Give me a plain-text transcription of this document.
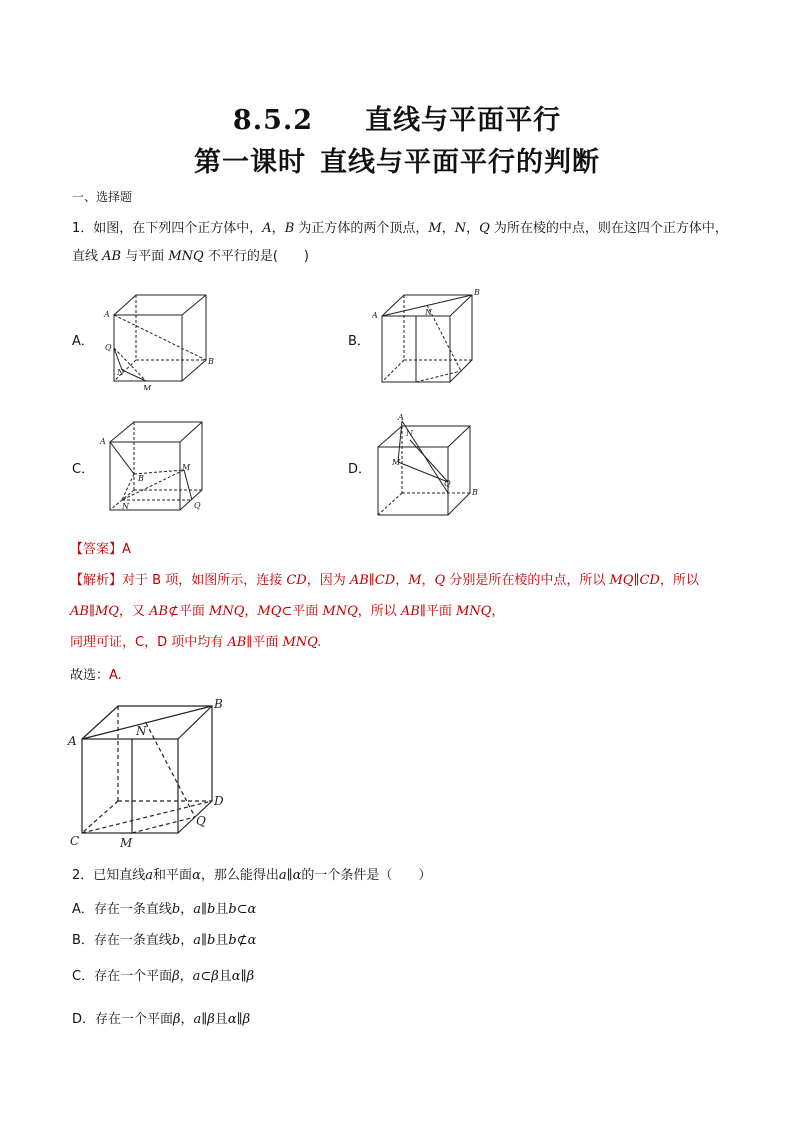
8.5.2 直线与平面平行
第一课时 直线与平面平行的判断
一、选择题
1．如图，在下列四个正方体中，A，B 为正方体的两个顶点，M，N，Q 为所在棱的中点，则在这四个正方体中，直线 AB 与平面 MNQ 不平行的是(　　)
A．
A
B
Q
N
M
B．
A
B
N
C．
A
B
M
N	Q
D．
A
M
N
Q
B
【答案】A
【解析】对于 B 项，如图所示，连接 CD，因为 AB∥CD，M，Q 分别是所在棱的中点，所以 MQ∥CD，所以 AB∥MQ，又 AB⊄平面 MNQ，MQ⊂平面 MNQ，所以 AB∥平面 MNQ，
同理可证，C，D 项中均有 AB∥平面 MNQ.
故选：A.
A
B
N
D
Q
C	M
2．已知直线a和平面α，那么能得出a∥α的一个条件是（　　）
A．存在一条直线b，a∥b且b⊂α
B．存在一条直线b，a∥b且b⊄α
C．存在一个平面β，a⊂β且α∥β
D．存在一个平面β，a∥β且α∥β
